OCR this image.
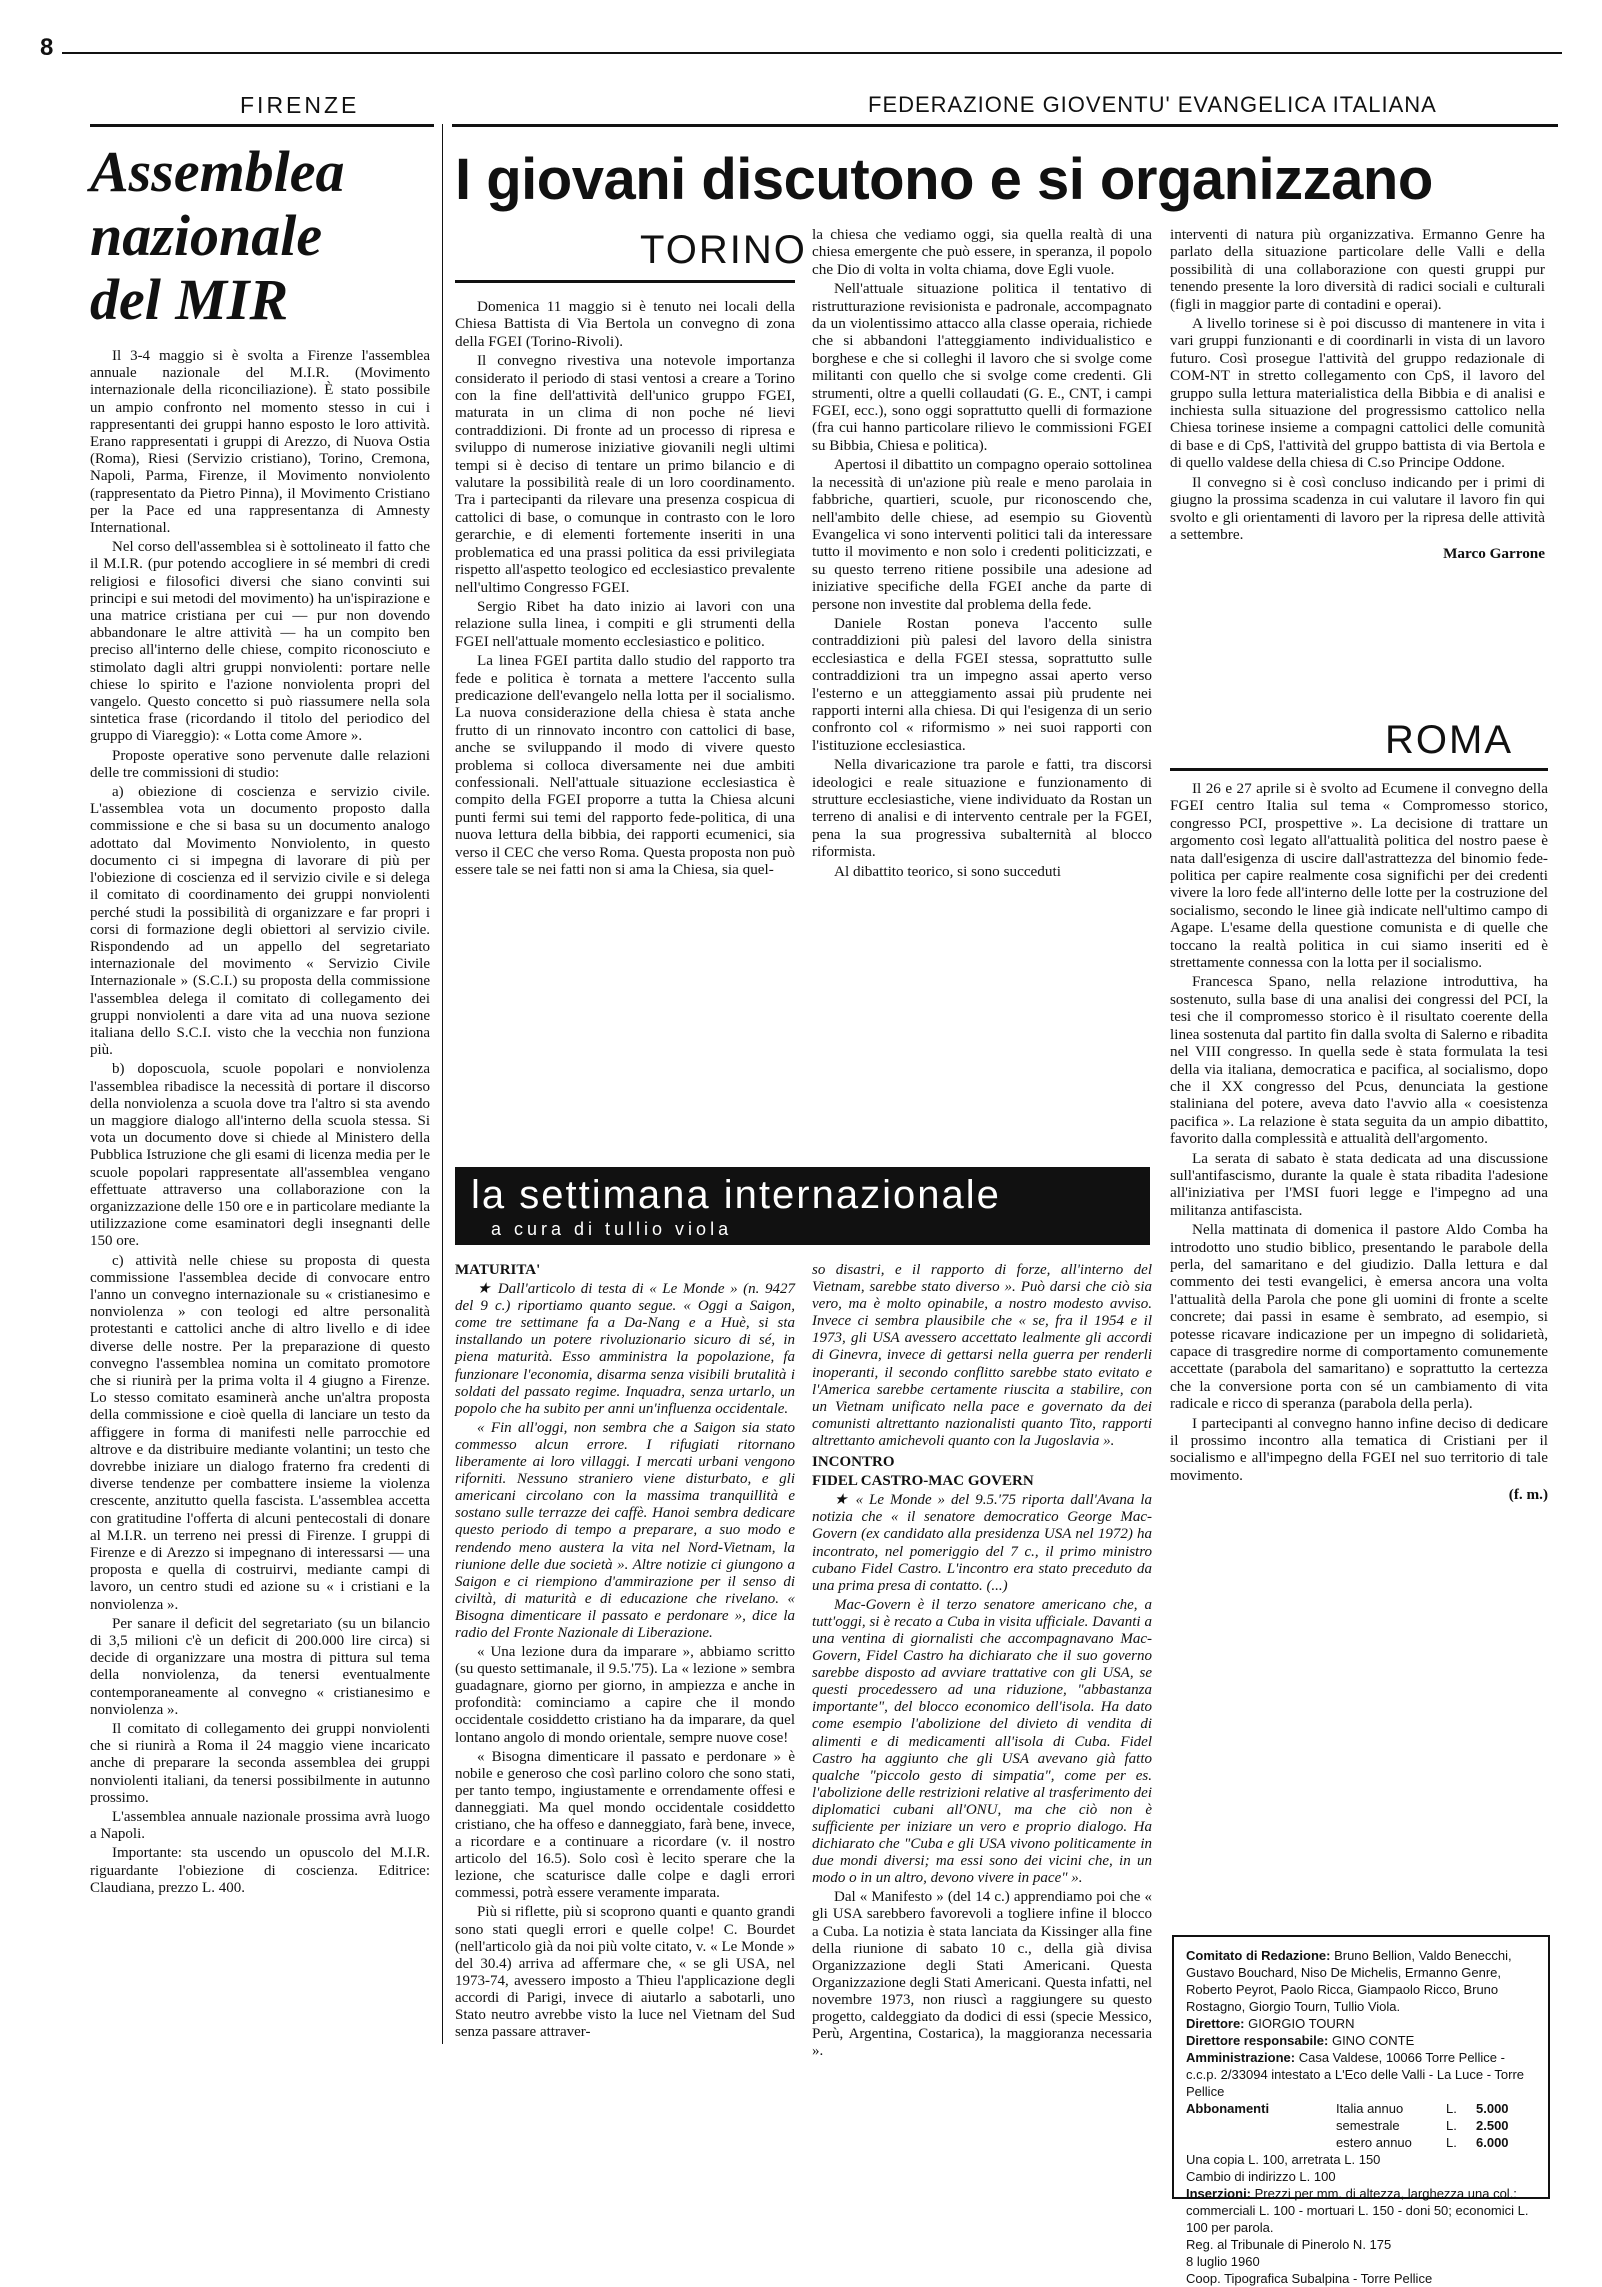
8
FIRENZE	FEDERAZIONE GIOVENTU' EVANGELICA ITALIANA
Assemblea
nazionale
del MIR

Il 3-4 maggio si è svolta a Firenze l'assemblea annuale nazionale del M.I.R. (Movimento internazionale della riconciliazione). È stato possibile un ampio confronto nel momento stesso in cui i rappresentanti dei gruppi hanno esposto le loro attività. Erano rappresentati i gruppi di Arezzo, di Nuova Ostia (Roma), Riesi (Servizio cristiano), Torino, Cremona, Napoli, Parma, Firenze, il Movimento nonviolento (rappresentato da Pietro Pinna), il Movimento Cristiano per la Pace ed una rappresentanza di Amnesty International.

Nel corso dell'assemblea si è sottolineato il fatto che il M.I.R. (pur potendo accogliere in sé membri di credi religiosi e filosofici diversi che siano convinti sui principi e sui metodi del movimento) ha un'ispirazione e una matrice cristiana per cui — pur non dovendo abbandonare le altre attività — ha un compito ben preciso all'interno delle chiese, compito riconosciuto e stimolato dagli altri gruppi nonviolenti: portare nelle chiese lo spirito e l'azione nonviolenta propri del vangelo. Questo concetto si può riassumere nella sola sintetica frase (ricordando il titolo del periodico del gruppo di Viareggio): « Lotta come Amore ».

Proposte operative sono pervenute dalle relazioni delle tre commissioni di studio:

a) obiezione di coscienza e servizio civile. L'assemblea vota un documento proposto dalla commissione e che si basa su un documento analogo adottato dal Movimento Nonviolento, in questo documento ci si impegna di lavorare di più per l'obiezione di coscienza ed il servizio civile e si delega il comitato di coordinamento dei gruppi nonviolenti perché studi la possibilità di organizzare e far propri i corsi di formazione degli obiettori al servizio civile. Rispondendo ad un appello del segretariato internazionale del movimento « Servizio Civile Internazionale » (S.C.I.) su proposta della commissione l'assemblea delega il comitato di collegamento dei gruppi nonviolenti a dare vita ad una nuova sezione italiana dello S.C.I. visto che la vecchia non funziona più.

b) doposcuola, scuole popolari e nonviolenza l'assemblea ribadisce la necessità di portare il discorso della nonviolenza a scuola dove tra l'altro si sta avendo un maggiore dialogo all'interno della scuola stessa. Si vota un documento dove si chiede al Ministero della Pubblica Istruzione che gli esami di licenza media per le scuole popolari rappresentate all'assemblea vengano effettuate attraverso una collaborazione con la organizzazione delle 150 ore e in particolare mediante la utilizzazione come esaminatori degli insegnanti delle 150 ore.

c) attività nelle chiese su proposta di questa commissione l'assemblea decide di convocare entro l'anno un convegno internazionale su « cristianesimo e nonviolenza » con teologi ed altre personalità protestanti e cattolici anche di altro livello e di idee diverse delle nostre. Per la preparazione di questo convegno l'assemblea nomina un comitato promotore che si riunirà per la prima volta il 4 giugno a Firenze. Lo stesso comitato esaminerà anche un'altra proposta della commissione e cioè quella di lanciare un testo da affiggere in forma di manifesti nelle parrocchie ed altrove e da distribuire mediante volantini; un testo che dovrebbe iniziare un dialogo fraterno fra credenti di diverse tendenze per combattere insieme la violenza crescente, anzitutto quella fascista. L'assemblea accetta con gratitudine l'offerta di alcuni pentecostali di donare al M.I.R. un terreno nei pressi di Firenze. I gruppi di Firenze e di Arezzo si impegnano di interessarsi — una proposta e quella di costruirvi, mediante campi di lavoro, un centro studi ed azione su « i cristiani e la nonviolenza ».

Per sanare il deficit del segretariato (su un bilancio di 3,5 milioni c'è un deficit di 200.000 lire circa) si decide di organizzare una mostra di pittura sul tema della nonviolenza, da tenersi eventualmente contemporaneamente al convegno « cristianesimo e nonviolenza ».

Il comitato di collegamento dei gruppi nonviolenti che si riunirà a Roma il 24 maggio viene incaricato anche di preparare la seconda assemblea dei gruppi nonviolenti italiani, da tenersi possibilmente in autunno prossimo.

L'assemblea annuale nazionale prossima avrà luogo a Napoli.

Importante: sta uscendo un opuscolo del M.I.R. riguardante l'obiezione di coscienza. Editrice: Claudiana, prezzo L. 400.

I giovani discutono e si organizzano
TORINO

Domenica 11 maggio si è tenuto nei locali della Chiesa Battista di Via Bertola un convegno di zona della FGEI (Torino-Rivoli).

Il convegno rivestiva una notevole importanza considerato il periodo di stasi ventosi a crearе a Torino con la fine dell'attività dell'unico gruppo FGEI, maturata in un clima di non poche né lievi contraddizioni. Di fronte ad un processo di ripresa e sviluppo di numerose iniziative giovanili negli ultimi tempi si è deciso di tentare un primo bilancio e di valutare la possibilità reale di un loro coordinamento. Tra i partecipanti da rilevare una presenza cospicua di cattolici di base, o comunque in contrasto con le loro gerarchie, e di elementi fortemente inseriti in una problematica ed una prassi politica da essi privilegiata rispetto all'aspetto teologico ed ecclesiastico prevalente nell'ultimo Congresso FGEI.

Sergio Ribet ha dato inizio ai lavori con una relazione sulla linea, i compiti e gli strumenti della FGEI nell'attuale momento ecclesiastico e politico.

La linea FGEI partita dallo studio del rapporto tra fede e politica è tornata a mettere l'accento sulla predicazione dell'evangelo nella lotta per il socialismo. La nuova considerazione della chiesa è stata anche frutto di un rinnovato incontro con cattolici di base, anche se sviluppando il modo di vivere questo problema si colloca diversamente nei due ambiti confessionali. Nell'attuale situazione ecclesiastica è compito della FGEI proporre a tutta la Chiesa alcuni punti fermi sui temi del rapporto fede-politica, di una nuova lettura della bibbia, dei rapporti ecumenici, sia verso il CEC che verso Roma. Questa proposta non può essere tale se nei fatti non si ama la Chiesa, sia quel-

la chiesa che vediamo oggi, sia quella realtà di una chiesa emergente che può essere, in speranza, il popolo che Dio di volta in volta chiama, dove Egli vuole.

Nell'attuale situazione politica il tentativo di ristrutturazione revisionista e padronale, accompagnato da un violentissimo attacco alla classe operaia, richiede che si abbandoni l'atteggiamento individualistico e borghese e che si colleghi il lavoro che si svolge come militanti con quello che si svolge come credenti. Gli strumenti, oltre a quelli collaudati (G. E., CNT, i campi FGEI, ecc.), sono oggi soprattutto quelli di formazione (fra cui hanno particolare rilievo le commissioni FGEI su Bibbia, Chiesa e politica).

Apertosi il dibattito un compagno operaio sottolinea la necessità di un'azione più reale e meno parolaia in fabbriche, quartieri, scuole, pur riconoscendo che, nell'ambito delle chiese, ad esempio su Gioventù Evangelica vi sono interventi politici tali da interessare tutto il movimento e non solo i credenti politicizzati, e su questo terreno ritiene possibile una adesione ad iniziative specifiche della FGEI anche da parte di persone non investite dal problema della fede.

Daniele Rostan poneva l'accento sulle contraddizioni più palesi del lavoro della sinistra ecclesiastica e della FGEI stessa, soprattutto sulle contraddizioni tra un impegno assai aperto verso l'esterno e un atteggiamento assai più prudente nei rapporti interni alla chiesa. Di qui l'esigenza di un serio confronto col « riformismo » nei suoi rapporti con l'istituzione ecclesiastica.

Nella divaricazione tra parole e fatti, tra discorsi ideologici e reale situazione e funzionamento di strutture ecclesiastiche, viene individuato da Rostan un terreno di analisi e di intervento centrale per la FGEI, pena la sua progressiva subalternità al blocco riformista.

Al dibattito teorico, si sono succeduti

interventi di natura più organizzativa. Ermanno Genre ha parlato della situazione particolare delle Valli e della possibilità di una collaborazione con questi gruppi pur tenendo presente la loro diversità di radici sociali e culturali (figli in maggior parte di contadini e operai).

A livello torinese si è poi discusso di mantenere in vita i vari gruppi funzionanti e di coordinarli in vista di un lavoro futuro. Così prosegue l'attività del gruppo redazionale di COM-NT in stretto collegamento con CpS, il lavoro del gruppo sulla lettura materialistica della Bibbia e di analisi e inchiesta sulla situazione del progressismo cattolico nella Chiesa torinese insieme a compagni cattolici delle comunità di base e di CpS, l'attività del gruppo battista di via Bertola e di quello valdese della chiesa di C.so Principe Oddone.

Il convegno si è così concluso indicando per i primi di giugno la prossima scadenza in cui valutare il lavoro fin qui svolto e gli orientamenti di lavoro per la ripresa delle attività a settembre.

Marco Garrone

ROMA

Il 26 e 27 aprile si è svolto ad Ecumene il convegno della FGEI centro Italia sul tema « Compromesso storico, congresso PCI, prospettive ». La decisione di trattare un argomento così legato all'attualità politica del nostro paese è nata dall'esigenza di uscire dall'astrattezza del binomio fede-politica per capire realmente cosa significhi per dei credenti vivere la loro fede all'interno delle lotte per la costruzione del socialismo, secondo le linee già indicate nell'ultimo campo di Agape. L'esame della questione comunista e di quelle che toccano la realtà politica in cui siamo inseriti ed è strettamente connessa con la lotta per il socialismo.

Francesca Spano, nella relazione introduttiva, ha sostenuto, sulla base di una analisi dei congressi del PCI, la tesi che il compromesso storico è il risultato coerente della linea sostenuta dal partito fin dalla svolta di Salerno e ribadita nel VIII congresso. In quella sede è stata formulata la tesi della via italiana, democratica e pacifica, al socialismo, dopo che il XX congresso del Pcus, denunciata la gestione staliniana del potere, aveva dato l'avvio alla « coesistenza pacifica ». La relazione è stata seguita da un ampio dibattito, favorito dalla complessità e attualità dell'argomento.

La serata di sabato è stata dedicata ad una discussione sull'antifascismo, durante la quale è stata ribadita l'adesione all'iniziativa per l'MSI fuori legge e l'impegno ad una militanza antifascista.

Nella mattinata di domenica il pastore Aldo Comba ha introdotto uno studio biblico, presentando le parabole della perla, del samaritano e del giudizio. Dalla lettura e dal commento dei testi evangelici, è emersa ancora una volta l'attualità della Parola che pone gli uomini di fronte a scelte concrete; dai passi in esame è sembrato, ad esempio, si potesse ricavare indicazione per un impegno di solidarietà, capace di trasgredire norme di comportamento comunemente accettate (parabola del samaritano) e soprattutto la certezza che la conversione porta con sé un cambiamento di vita radicale e ricco di speranza (parabola della perla).

I partecipanti al convegno hanno infine deciso di dedicare il prossimo incontro alla tematica di Cristiani per il socialismo e all'impegno della FGEI nel suo territorio di tale movimento.

(f. m.)

la settimana internazionale
a cura di tullio viola

MATURITA'

★ Dall'articolo di testa di « Le Monde » (n. 9427 del 9 c.) riportiamo quanto segue. « Oggi a Saigon, come tre settimane fa a Da-Nang e a Huè, si sta installando un potere rivoluzionario sicuro di sé, in piena maturità. Esso amministra la popolazione, fa funzionare l'economia, disarma senza visibili brutalità i soldati del passato regime. Inquadra, senza urtarlo, un popolo che ha subito per anni un'influenza occidentale.

« Fin all'oggi, non sembra che a Saigon sia stato commesso alcun errore. I rifugiati ritornano liberamente ai loro villaggi. I mercati urbani vengono riforniti. Nessuno straniero viene disturbato, e gli americani circolano con la massima tranquillità e sostano sulle terrazze dei caffè. Hanoi sembra dedicare questo periodo di tempo a preparare, a suo modo e rendendo meno austera la vita nel Nord-Vietnam, la riunione delle due società ». Altre notizie ci giungono a Saigon e ci riempiono d'ammirazione per il senso di civiltà, di maturità e di educazione che rivelano. « Bisogna dimenticare il passato e perdonare », dice la radio del Fronte Nazionale di Liberazione.

« Una lezione dura da imparare », abbiamo scritto (su questo settimanale, il 9.5.'75). La « lezione » sembra guadagnare, giorno per giorno, in ampiezza e anche in profondità: cominciamo a capire che il mondo occidentale cosiddetto cristiano ha da imparare, da quel lontano angolo di mondo orientale, sempre nuove cose!

« Bisogna dimenticare il passato e perdonare » è nobile e generoso che così parlino coloro che sono stati, per tanto tempo, ingiustamente e orrendamente offesi e danneggiati. Ma quel mondo occidentale cosiddetto cristiano, che ha offeso e danneggiato, farà bene, invece, a ricordare e a continuare a ricordare (v. il nostro articolo del 16.5). Solo così è lecito sperare che la lezione, che scaturisce dalle colpe e dagli errori commessi, potrà essere veramente imparata.

Più si riflette, più si scoprono quanti e quanto grandi sono stati quegli errori e quelle colpe! C. Bourdet (nell'articolo già da noi più volte citato, v. « Le Monde » del 30.4) arriva ad affermare che, « se gli USA, nel 1973-74, avessero imposto a Thieu l'applicazione degli accordi di Parigi, invece di aiutarlo a sabotarli, uno Stato neutro avrebbe visto la luce nel Vietnam del Sud senza passare attraver-

so disastri, e il rapporto di forze, all'interno del Vietnam, sarebbe stato diverso ». Può darsi che ciò sia vero, ma è molto opinabile, a nostro modesto avviso. Invece ci sembra plausibile che « se, fra il 1954 e il 1973, gli USA avessero accettato lealmente gli accordi di Ginevra, invece di gettarsi nella guerra per renderli inoperanti, il secondo conflitto sarebbe stato evitato e l'America sarebbe certamente riuscita a stabilire, con un Vietnam unificato nella pace e governato da dei comunisti altrettanto nazionalisti quanto Tito, rapporti altrettanto amichevoli quanto con la Jugoslavia ».

INCONTRO

FIDEL CASTRO-MAC GOVERN

★ « Le Monde » del 9.5.'75 riporta dall'Avana la notizia che « il senatore democratico George Mac-Govern (ex candidato alla presidenza USA nel 1972) ha incontrato, nel pomeriggio del 7 c., il primo ministro cubano Fidel Castro. L'incontro era stato preceduto da una prima presa di contatto. (...)

Mac-Govern è il terzo senatore americano che, a tutt'oggi, si è recato a Cuba in visita ufficiale. Davanti a una ventina di giornalisti che accompagnavano Mac-Govern, Fidel Castro ha dichiarato che il suo governo sarebbe disposto ad avviare trattative con gli USA, se questi procedessero ad una riduzione, "abbastanza importante", del blocco economico dell'isola. Ha dato come esempio l'abolizione del divieto di vendita di alimenti e di medicamenti all'isola di Cuba. Fidel Castro ha aggiunto che gli USA avevano già fatto qualche "piccolo gesto di simpatia", come per es. l'abolizione delle restrizioni relative al trasferimento dei diplomatici cubani all'ONU, ma che ciò non è sufficiente per iniziare un vero e proprio dialogo. Ha dichiarato che "Cuba e gli USA vivono politicamente in due mondi diversi; ma essi sono dei vicini che, in un modo o in un altro, devono vivere in pace" ».

Dal « Manifesto » (del 14 c.) apprendiamo poi che « gli USA sarebbero favorevoli a togliere infine il blocco a Cuba. La notizia è stata lanciata da Kissinger alla fine della riunione di sabato 10 c., della già divisa Organizzazione degli Stati Americani. Questa Organizzazione degli Stati Americani. Questa infatti, nel novembre 1973, non riuscì a raggiungere su questo progetto, caldeggiato da dodici di essi (specie Messico, Perù, Argentina, Costarica), la maggioranza necessaria ».

Comitato di Redazione: Bruno Bellion, Valdo Benecchi, Gustavo Bouchard, Niso De Michelis, Ermanno Genre, Roberto Peyrot, Paolo Ricca, Giampaolo Ricco, Bruno Rostagno, Giorgio Tourn, Tullio Viola.
Direttore: GIORGIO TOURN
Direttore responsabile: GINO CONTE
Amministrazione: Casa Valdese, 10066 Torre Pellice - c.c.p. 2/33094 intestato a L'Eco delle Valli - La Luce - Torre Pellice
Abbonamenti	Italia annuo	L.	5.000
semestrale	L.	2.500
estero annuo	L.	6.000
Una copia L. 100, arretrata L. 150
Cambio di indirizzo L. 100
Inserzioni: Prezzi per mm. di altezza, larghezza una col.: commerciali L. 100 - mortuari L. 150 - doni 50; economici L. 100 per parola.
Reg. al Tribunale di Pinerolo N. 175
8 luglio 1960
Coop. Tipografica Subalpina - Torre Pellice
